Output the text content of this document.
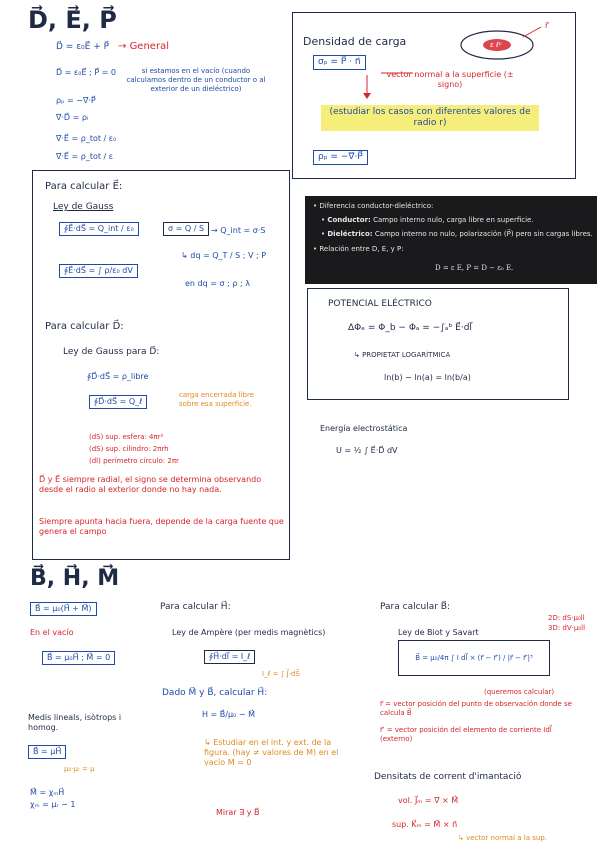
D⃗, E⃗, P⃗
D⃗ = ε₀E⃗ + P⃗ → General
D⃗ = ε₀E⃗ ; P⃗ = 0	si estamos en el vacío (cuando calculamos dentro de un conductor o al exterior de un dieléctrico)
ρₚ = −∇⃗·P⃗
∇⃗·D⃗ = ρₗ
∇⃗·E⃗ = ρ_tot / ε₀
∇⃗·E⃗ = ρ_tot / ε
Densidad de carga	ε ℓᵖ
r⃗
σₚ = P⃗ · n⃗
vector normal a la superficie (± signo)
(estudiar los casos con diferentes valores de radio r)
ρₚ = −∇⃗·P⃗
Para calcular E⃗:
Ley de Gauss
∮E⃗·dS⃗ = Q_int / ε₀	σ = Q / S → Q_int = σ·S
∮E⃗·dS⃗ = ∫ ρ/ε₀ dV
↳ dq = Q_T / S ; V ; P
en dq = σ ; ρ ; λ
Para calcular D⃗:
Ley de Gauss para D⃗:
∮D⃗·dS⃗ = ρ_libre
∮D⃗·dS⃗ = Q_ℓ
carga encerrada libre sobre esa superficie.
(dS) sup. esfera: 4πr²
(dS) sup. cilindro: 2πrh
(dl) perímetro círculo: 2πr
D⃗ y E⃗ siempre radial, el signo se determina observando desde el radio al exterior donde no hay nada.
Siempre apunta hacia fuera, depende de la carga fuente que genera el campo
• Diferencia conductor-dieléctrico:
• Conductor: Campo interno nulo, carga libre en superficie.
• Dieléctrico: Campo interno no nulo, polarización (P⃗) pero sin cargas libres.
• Relación entre D, E, y P:
D = ε E, P = D − ε₀ E.
POTENCIAL ELÉCTRICO
ΔΦₑ = Φ_b − Φₐ = −∫ₐᵇ E⃗·dl⃗
↳ PROPIETAT LOGARÍTMICA
ln(b) − ln(a) = ln(b/a)
Energía electrostática
U = ½ ∫ E⃗·D⃗ dV
B⃗, H⃗, M⃗
B⃗ = μ₀(H⃗ + M⃗)
En el vacío
B⃗ = μ₀H⃗ ; M⃗ = 0
Medis lineals, isòtrops i homog.
B⃗ = μH⃗
μ₀·μᵣ = μ
M⃗ = χₘH⃗
χₘ = μᵣ − 1
Para calcular H⃗:
Ley de Ampère (per medis magnètics)
∮H⃗·dl⃗ = I_ℓ
I_ℓ = ∫ J⃗·dS⃗
Dado M⃗ y B⃗, calcular H⃗:
H = B⃗/μ₀ − M⃗
↳ Estudiar en el int. y ext. de la figura. (hay ≠ valores de M) en el vacío M = 0
Mirar ∃ y B⃗
Para calcular B⃗:
Ley de Biot y Savart
B⃗ = μ₀/4π ∫ I dl⃗ × (r⃗ − r⃗′) / |r⃗ − r⃗′|³
2D: dS·μ₀ll
3D: dV·μ₀ll
(queremos calcular)
r⃗ = vector posición del punto de observación donde se calcula B⃗
r⃗′ = vector posición del elemento de corriente Idl⃗ (externo)
Densitats de corrent d'imantació
vol. J⃗ₘ = ∇⃗ × M⃗
sup. K⃗ₘ = M⃗ × n⃗
↳ vector normal a la sup.
